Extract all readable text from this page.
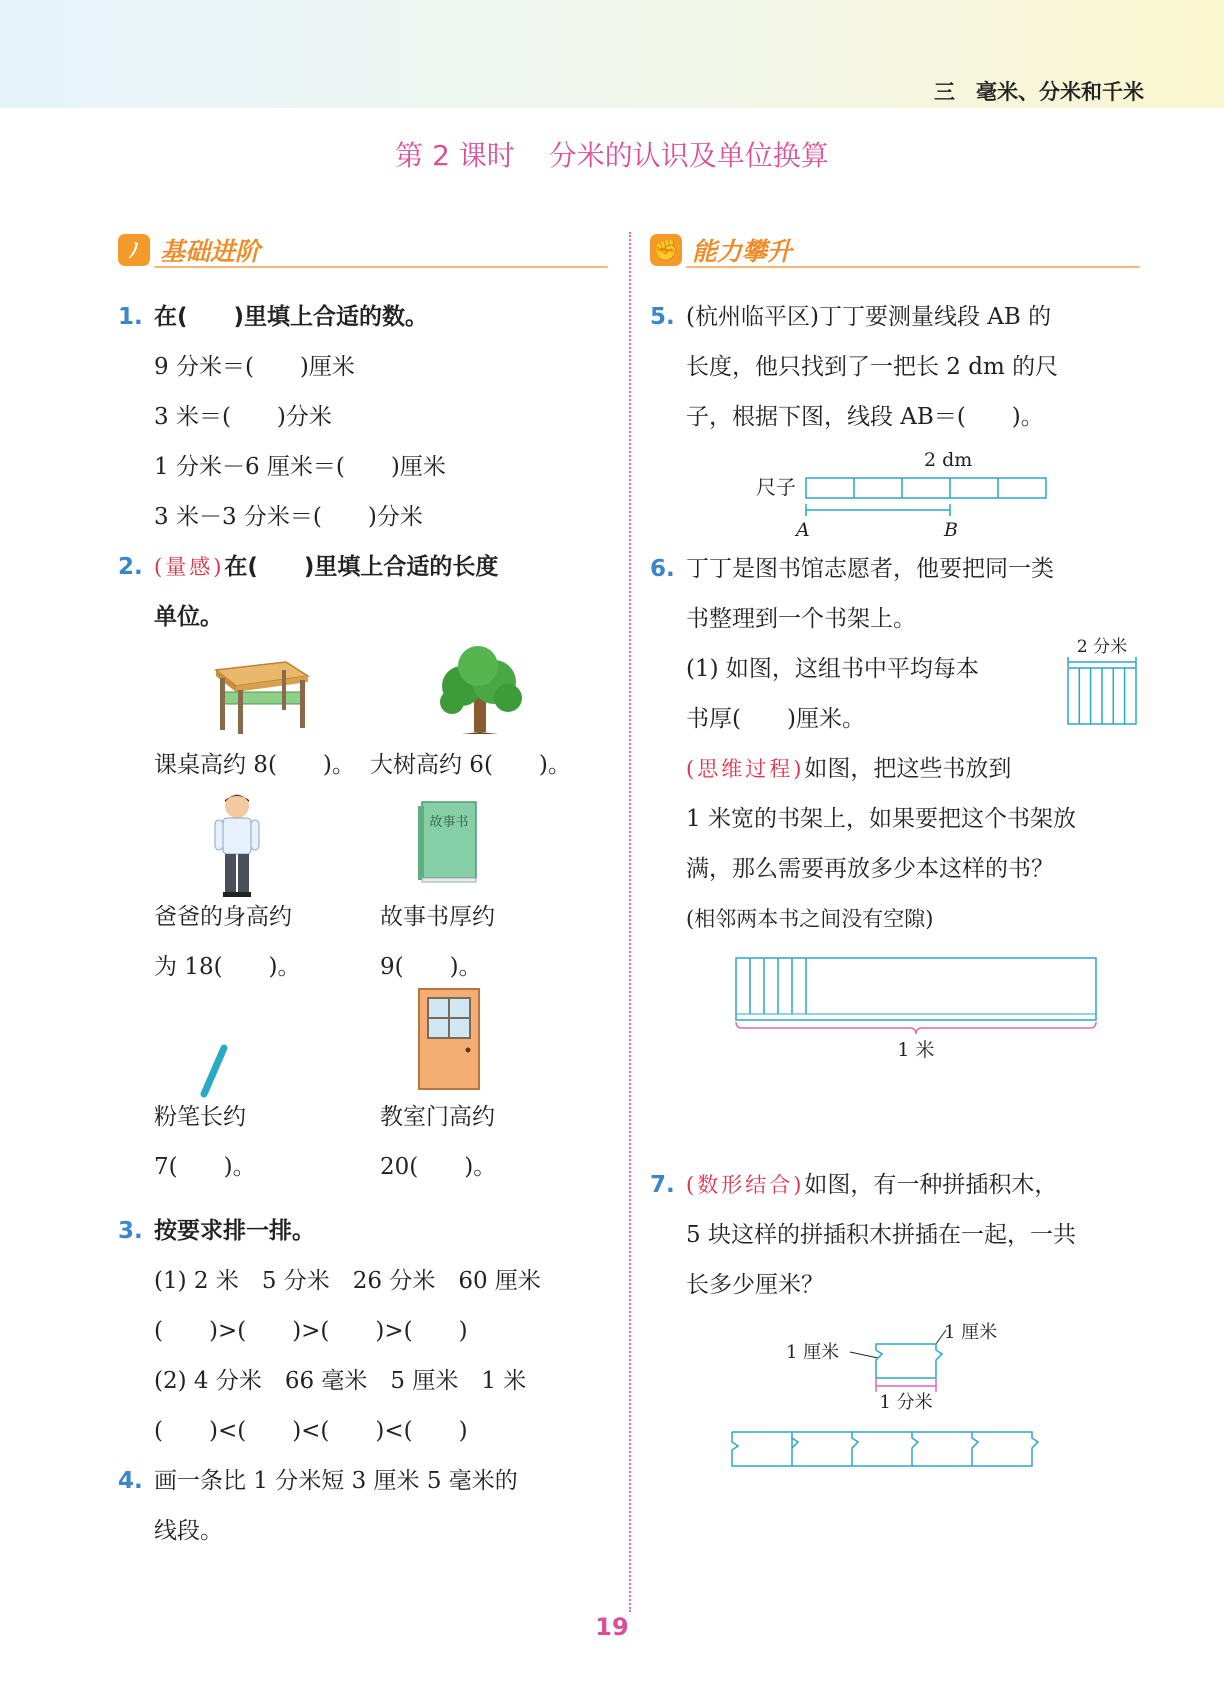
三　毫米、分米和千米
第 2 课时 分米的认识及单位换算
ﾉ 基础进阶
1. 在(　　)里填上合适的数。
9 分米＝(　　)厘米
3 米＝(　　)分米
1 分米－6 厘米＝(　　)厘米
3 米－3 分米＝(　　)分米
2. (量感)在(　　)里填上合适的长度
单位。
课桌高约 8(　　)。 大树高约 6(　　)。
故事书
爸爸的身高约
为 18(　　)。
故事书厚约
9(　　)。
粉笔长约
7(　　)。
教室门高约
20(　　)。
3. 按要求排一排。
(1) 2 米　5 分米　26 分米　60 厘米
(　　)>(　　)>(　　)>(　　)
(2) 4 分米　66 毫米　5 厘米　1 米
(　　)<(　　)<(　　)<(　　)
4. 画一条比 1 分米短 3 厘米 5 毫米的
线段。
✊ 能力攀升
5. (杭州临平区)丁丁要测量线段 AB 的
长度，他只找到了一把长 2 dm 的尺
子，根据下图，线段 AB＝(　　)。
尺子
2 dm
A	B
6. 丁丁是图书馆志愿者，他要把同一类
书整理到一个书架上。
(1) 如图，这组书中平均每本
书厚(　　)厘米。
2 分米
(思维过程)如图，把这些书放到
1 米宽的书架上，如果要把这个书架放
满，那么需要再放多少本这样的书？
(相邻两本书之间没有空隙)
1 米
7. (数形结合)如图，有一种拼插积木，
5 块这样的拼插积木拼插在一起，一共
长多少厘米？
1 厘米
1 厘米
1 分米
19
